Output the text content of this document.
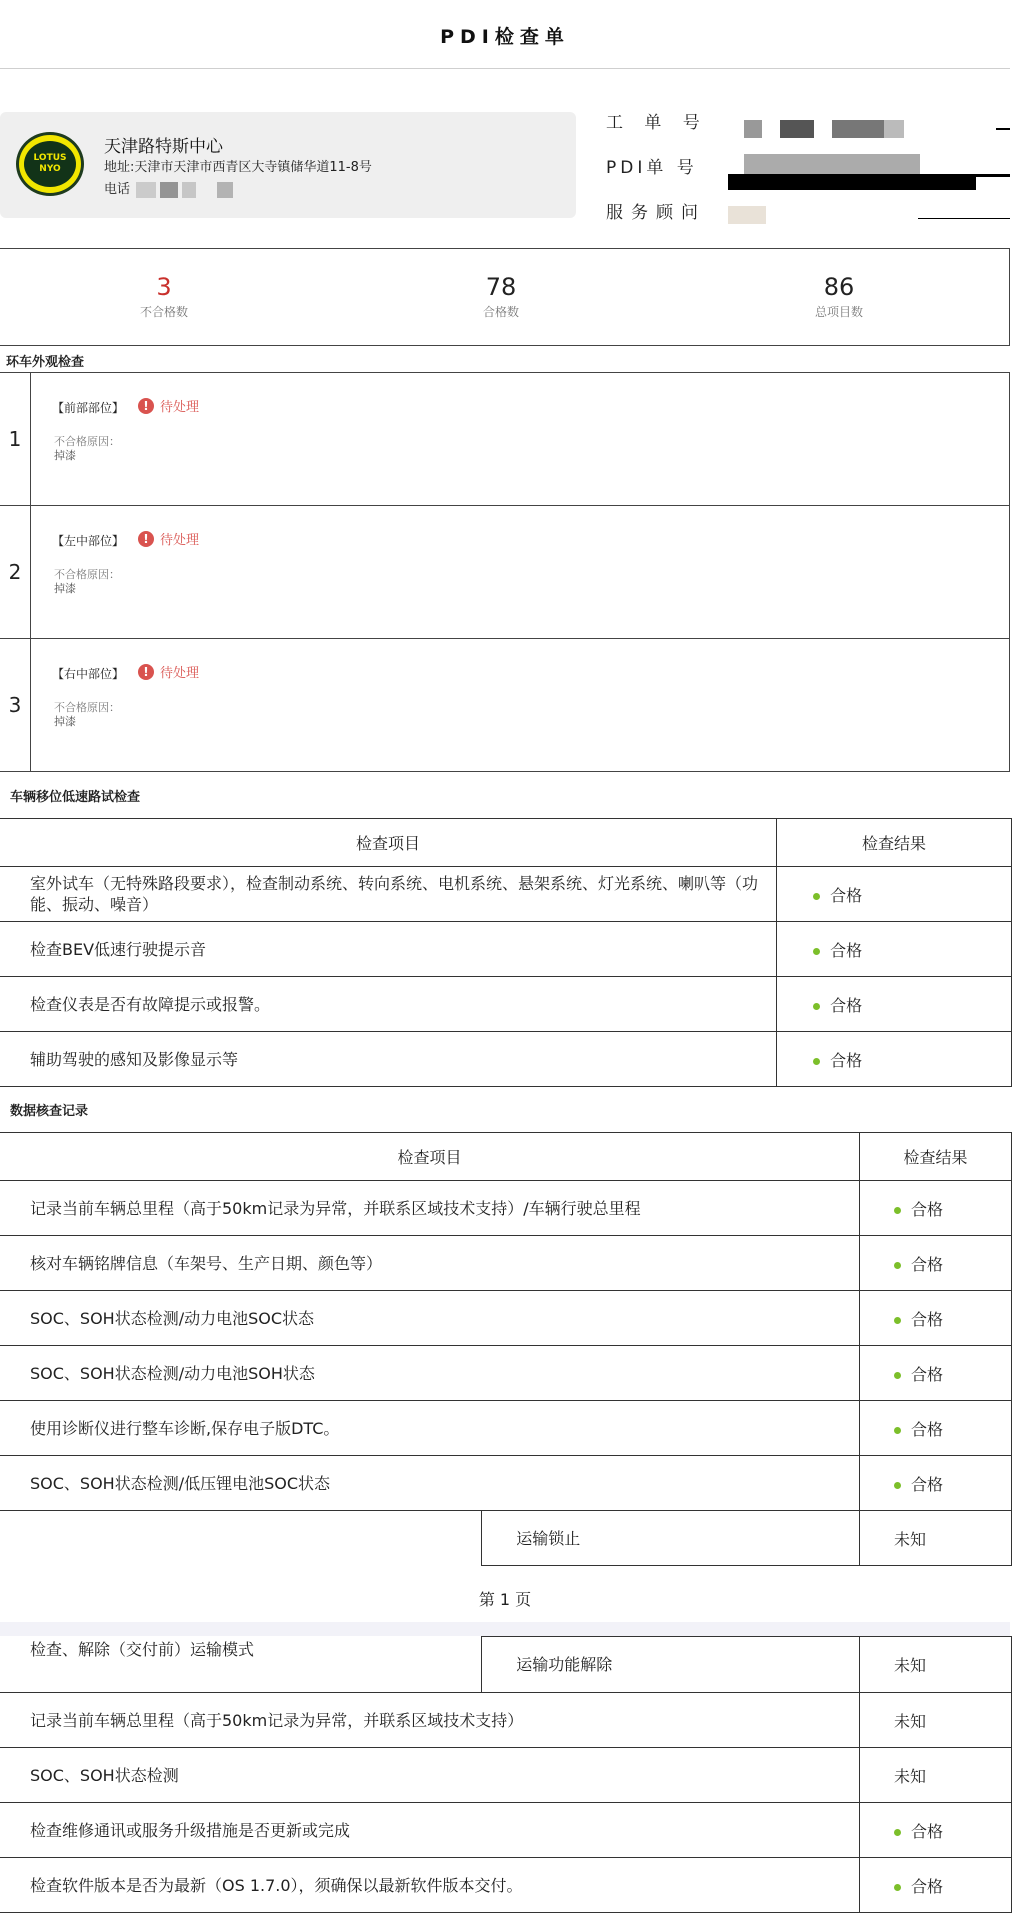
PDI检查单
LOTUS
NYO
天津路特斯中心
地址:天津市天津市西青区大寺镇储华道11-8号
电话
工 单 号
PDI单 号
服务顾问
3
不合格数
78
合格数
86
总项目数
环车外观检查
1
【前部部位】	! 待处理
不合格原因：
掉漆
2
【左中部位】	! 待处理
不合格原因：
掉漆
3
【右中部位】	! 待处理
不合格原因：
掉漆
车辆移位低速路试检查
检查项目	检查结果
室外试车（无特殊路段要求），检查制动系统、转向系统、电机系统、悬架系统、灯光系统、喇叭等（功能、振动、噪音）	合格
检查BEV低速行驶提示音	合格
检查仪表是否有故障提示或报警。	合格
辅助驾驶的感知及影像显示等	合格
数据核查记录
检查项目		检查结果
记录当前车辆总里程（高于50km记录为异常，并联系区域技术支持）/车辆行驶总里程		合格
核对车辆铭牌信息（车架号、生产日期、颜色等）		合格
SOC、SOH状态检测/动力电池SOC状态		合格
SOC、SOH状态检测/动力电池SOH状态		合格
使用诊断仪进行整车诊断,保存电子版DTC。		合格
SOC、SOH状态检测/低压锂电池SOC状态		合格
	运输锁止	未知
第 1 页
检查、解除（交付前）运输模式	运输功能解除	未知
记录当前车辆总里程（高于50km记录为异常，并联系区域技术支持）		未知
SOC、SOH状态检测		未知
检查维修通讯或服务升级措施是否更新或完成		合格
检查软件版本是否为最新（OS 1.7.0），须确保以最新软件版本交付。		合格
